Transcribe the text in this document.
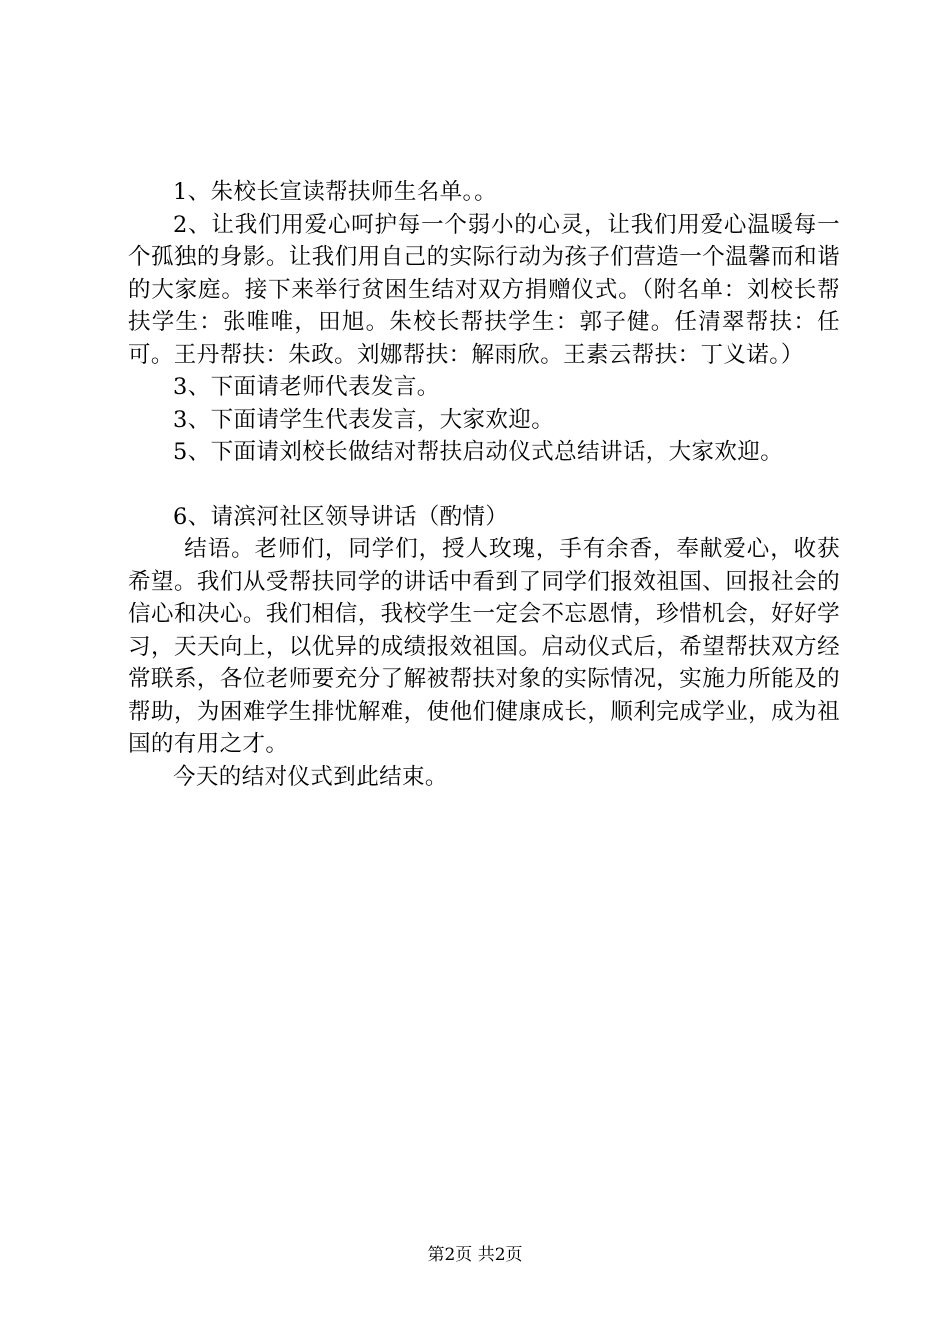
1、朱校长宣读帮扶师生名单。。

2、让我们用爱心呵护每一个弱小的心灵，让我们用爱心温暖每一个孤独的身影。让我们用自己的实际行动为孩子们营造一个温馨而和谐的大家庭。接下来举行贫困生结对双方捐赠仪式。（附名单：刘校长帮扶学生：张唯唯，田旭。朱校长帮扶学生：郭子健。任清翠帮扶：任可。王丹帮扶：朱政。刘娜帮扶：解雨欣。王素云帮扶：丁义诺。）

3、下面请老师代表发言。

3、下面请学生代表发言，大家欢迎。

5、下面请刘校长做结对帮扶启动仪式总结讲话，大家欢迎。

6、请滨河社区领导讲话（酌情）

结语。老师们，同学们，授人玫瑰，手有余香，奉献爱心，收获希望。我们从受帮扶同学的讲话中看到了同学们报效祖国、回报社会的信心和决心。我们相信，我校学生一定会不忘恩情，珍惜机会，好好学习，天天向上，以优异的成绩报效祖国。启动仪式后，希望帮扶双方经常联系，各位老师要充分了解被帮扶对象的实际情况，实施力所能及的帮助，为困难学生排忧解难，使他们健康成长，顺利完成学业，成为祖国的有用之才。

今天的结对仪式到此结束。

第2页 共2页
